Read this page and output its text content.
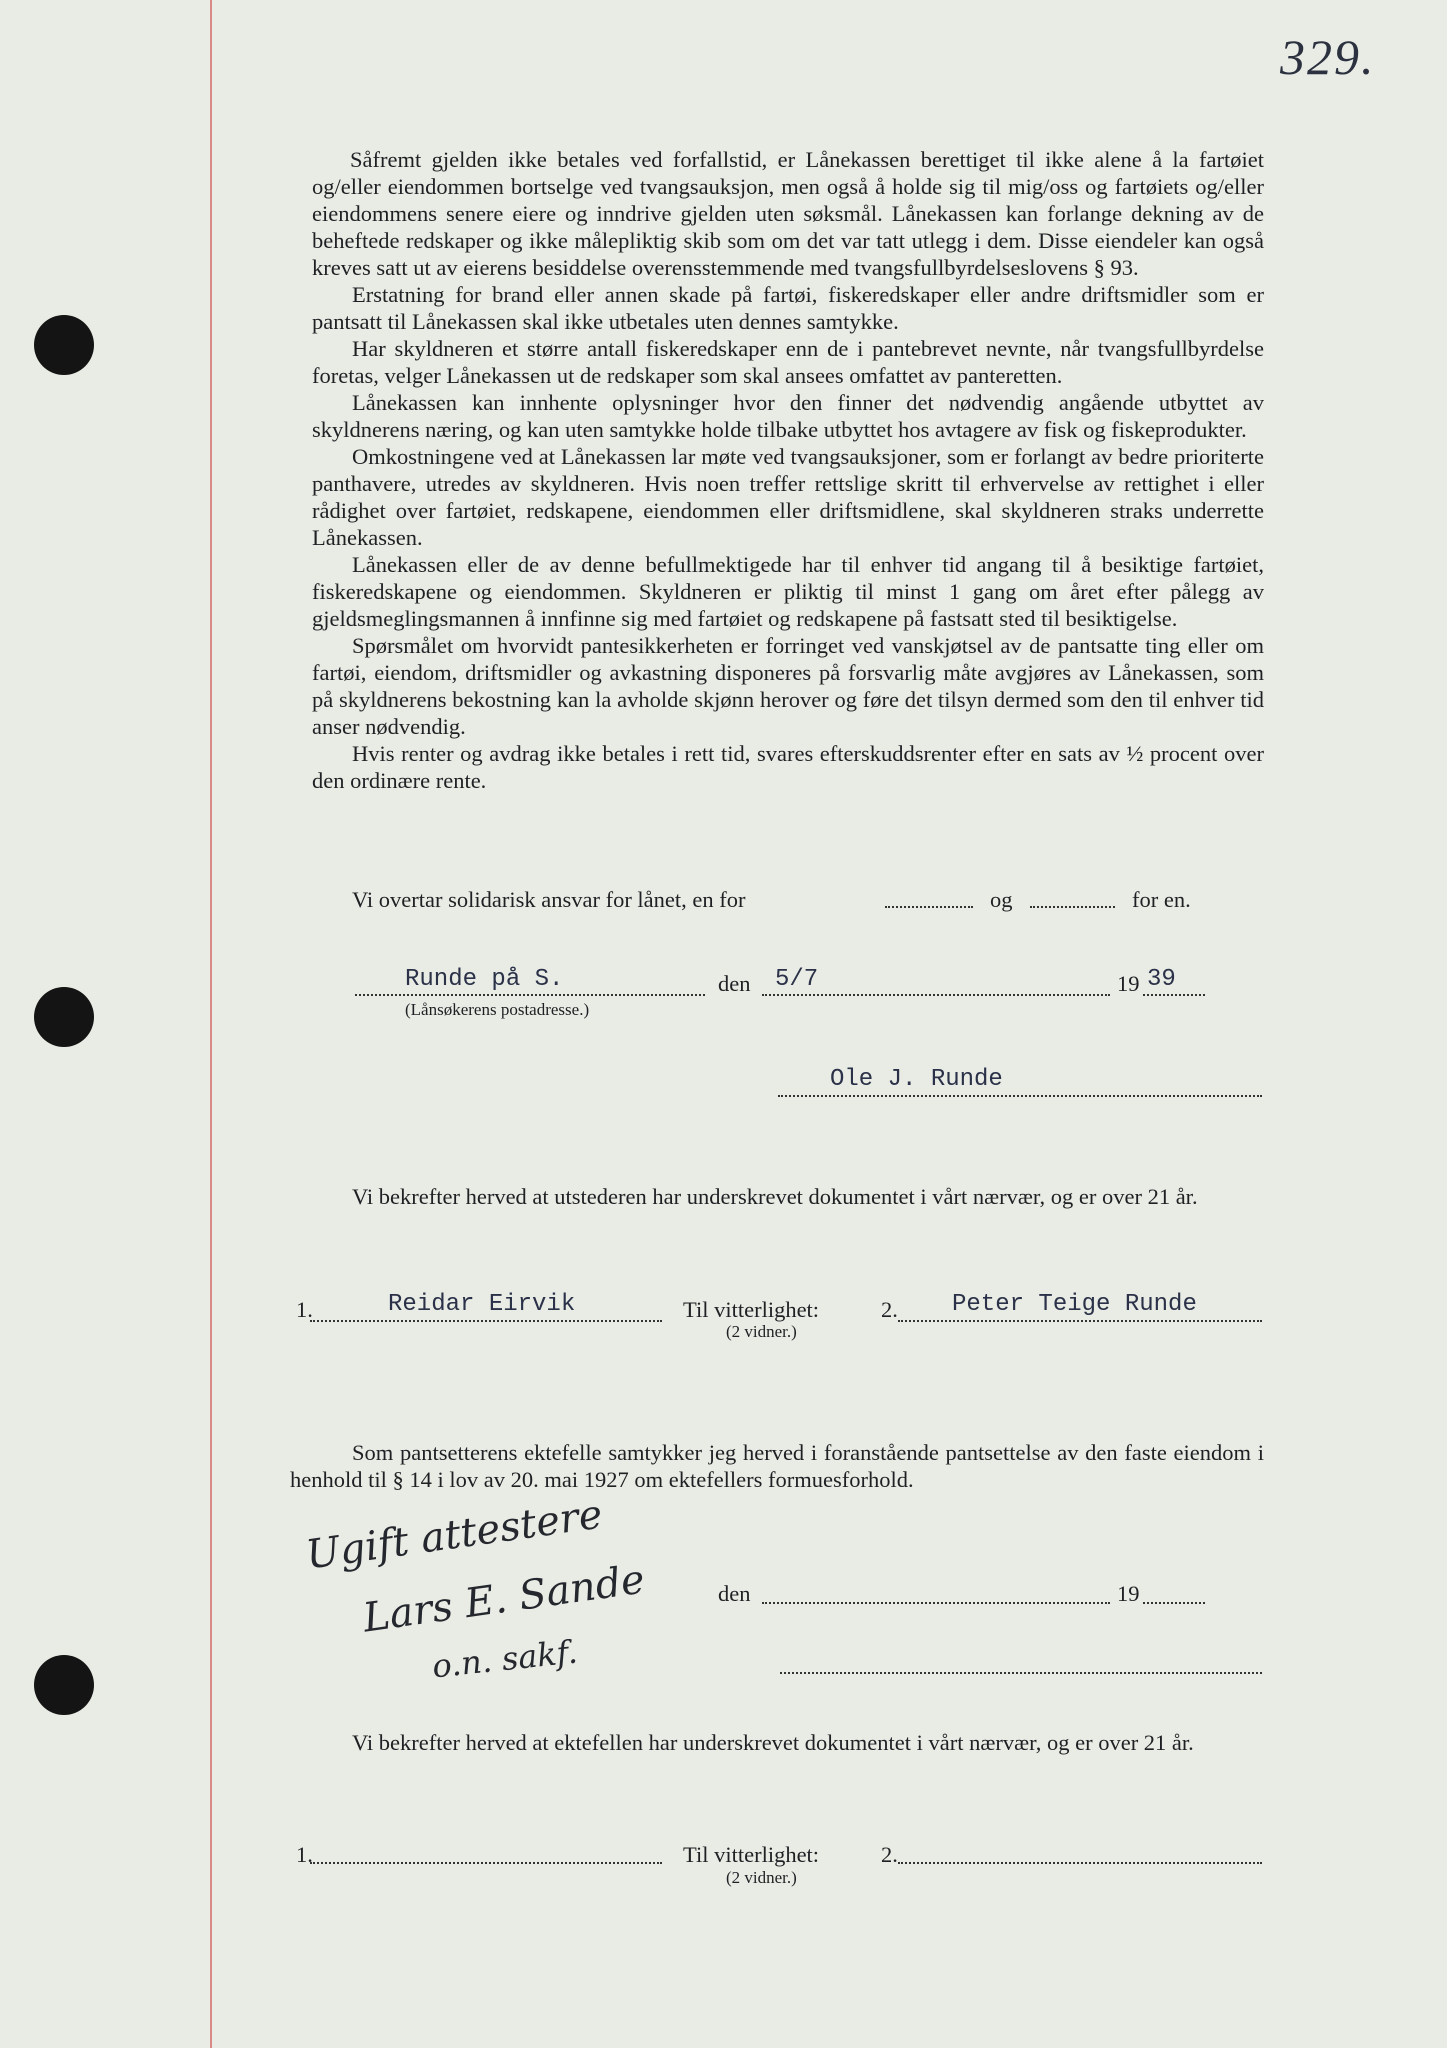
329.

Såfremt gjelden ikke betales ved forfallstid, er Lånekassen berettiget til ikke alene å la fartøiet og/eller eiendommen bortselge ved tvangsauksjon, men også å holde sig til mig/oss og fartøiets og/eller eiendommens senere eiere og inndrive gjelden uten søksmål. Lånekassen kan forlange dekning av de beheftede redskaper og ikke målepliktig skib som om det var tatt utlegg i dem. Disse eiendeler kan også kreves satt ut av eierens besiddelse overensstemmende med tvangsfullbyrdelseslovens § 93.

Erstatning for brand eller annen skade på fartøi, fiskeredskaper eller andre driftsmidler som er pantsatt til Lånekassen skal ikke utbetales uten dennes samtykke.

Har skyldneren et større antall fiskeredskaper enn de i pantebrevet nevnte, når tvangsfullbyrdelse foretas, velger Lånekassen ut de redskaper som skal ansees omfattet av panteretten.

Lånekassen kan innhente oplysninger hvor den finner det nødvendig angående utbyttet av skyldnerens næring, og kan uten samtykke holde tilbake utbyttet hos avtagere av fisk og fiskeprodukter.

Omkostningene ved at Lånekassen lar møte ved tvangsauksjoner, som er forlangt av bedre prioriterte panthavere, utredes av skyldneren. Hvis noen treffer rettslige skritt til erhvervelse av rettighet i eller rådighet over fartøiet, redskapene, eiendommen eller driftsmidlene, skal skyldneren straks underrette Lånekassen.

Lånekassen eller de av denne befullmektigede har til enhver tid angang til å besiktige fartøiet, fiskeredskapene og eiendommen. Skyldneren er pliktig til minst 1 gang om året efter pålegg av gjeldsmeglingsmannen å innfinne sig med fartøiet og redskapene på fastsatt sted til besiktigelse.

Spørsmålet om hvorvidt pantesikkerheten er forringet ved vanskjøtsel av de pantsatte ting eller om fartøi, eiendom, driftsmidler og avkastning disponeres på forsvarlig måte avgjøres av Lånekassen, som på skyldnerens bekostning kan la avholde skjønn herover og føre det tilsyn dermed som den til enhver tid anser nødvendig.

Hvis renter og avdrag ikke betales i rett tid, svares efterskuddsrenter efter en sats av ½ procent over den ordinære rente.

Vi overtar solidarisk ansvar for lånet, en for	og	for en.
Runde på S.	den 5/7	19 39
(Lånsøkerens postadresse.)
Ole J. Runde

Vi bekrefter herved at utstederen har underskrevet dokumentet i vårt nærvær, og er over 21 år.

1.	Reidar Eirvik	Til vitterlighet:	2. Peter Teige Runde
(2 vidner.)

Som pantsetterens ektefelle samtykker jeg herved i foranstående pantsettelse av den faste eiendom i henhold til § 14 i lov av 20. mai 1927 om ektefellers formuesforhold.

Ugift attestere
Lars E. Sande
o.n. sakf.
den	19

Vi bekrefter herved at ektefellen har underskrevet dokumentet i vårt nærvær, og er over 21 år.

1.	Til vitterlighet:	2.
(2 vidner.)
